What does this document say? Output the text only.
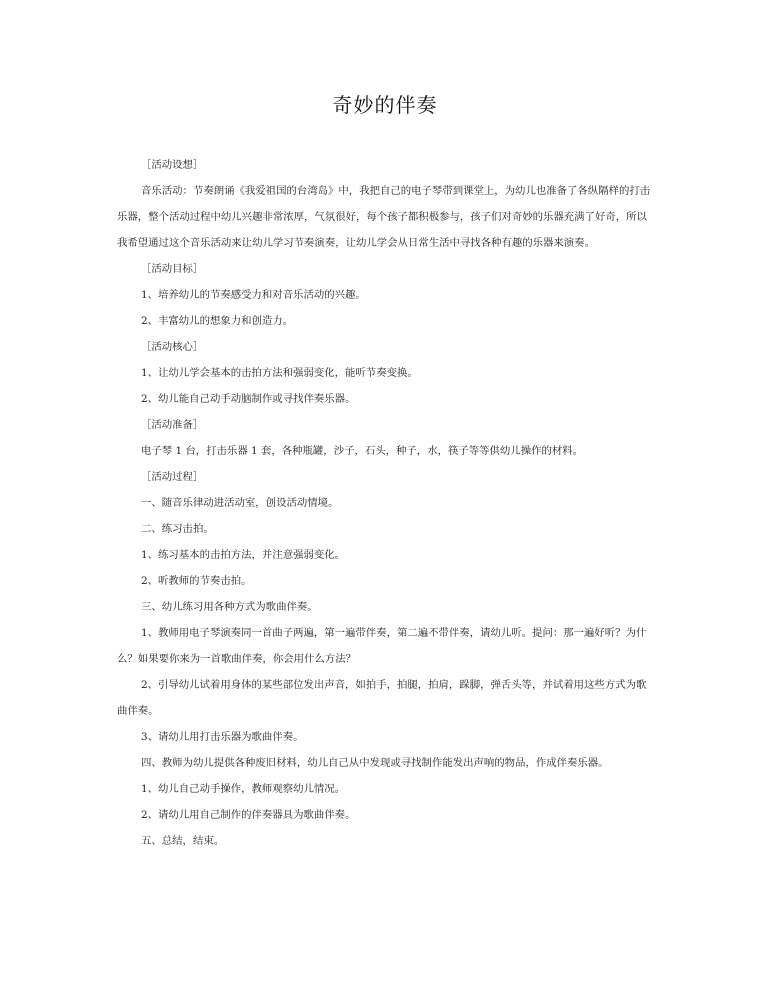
奇妙的伴奏

［活动设想］

音乐活动：节奏朗诵《我爱祖国的台湾岛》中，我把自己的电子琴带到课堂上，为幼儿也准备了各纵隔样的打击乐器，整个活动过程中幼儿兴趣非常浓厚，气氛很好，每个孩子都积极参与，孩子们对奇妙的乐器充满了好奇，所以我希望通过这个音乐活动来让幼儿学习节奏演奏，让幼儿学会从日常生活中寻找各种有趣的乐器来演奏。

［活动目标］

1、培养幼儿的节奏感受力和对音乐活动的兴趣。

2、丰富幼儿的想象力和创造力。

［活动核心］

1、让幼儿学会基本的击拍方法和强弱变化，能听节奏变换。

2、幼儿能自己动手动脑制作或寻找伴奏乐器。

［活动准备］

电子琴 1 台，打击乐器 1 套，各种瓶罐，沙子，石头，种子，水，筷子等等供幼儿操作的材料。

［活动过程］

一、随音乐律动进活动室，创设活动情境。

二、练习击拍。

1、练习基本的击拍方法，并注意强弱变化。

2、听教师的节奏击拍。

三、幼儿练习用各种方式为歌曲伴奏。

1、教师用电子琴演奏同一首曲子两遍，第一遍带伴奏，第二遍不带伴奏，请幼儿听。提问：那一遍好听？为什么？如果要你来为一首歌曲伴奏，你会用什么方法？

2、引导幼儿试着用身体的某些部位发出声音，如拍手，拍腿，拍肩，跺脚，弹舌头等，并试着用这些方式为歌曲伴奏。

3、请幼儿用打击乐器为歌曲伴奏。

四、教师为幼儿提供各种废旧材料，幼儿自己从中发现或寻找制作能发出声响的物品，作成伴奏乐器。

1、幼儿自己动手操作，教师观察幼儿情况。

2、请幼儿用自己制作的伴奏器具为歌曲伴奏。

五、总结，结束。
